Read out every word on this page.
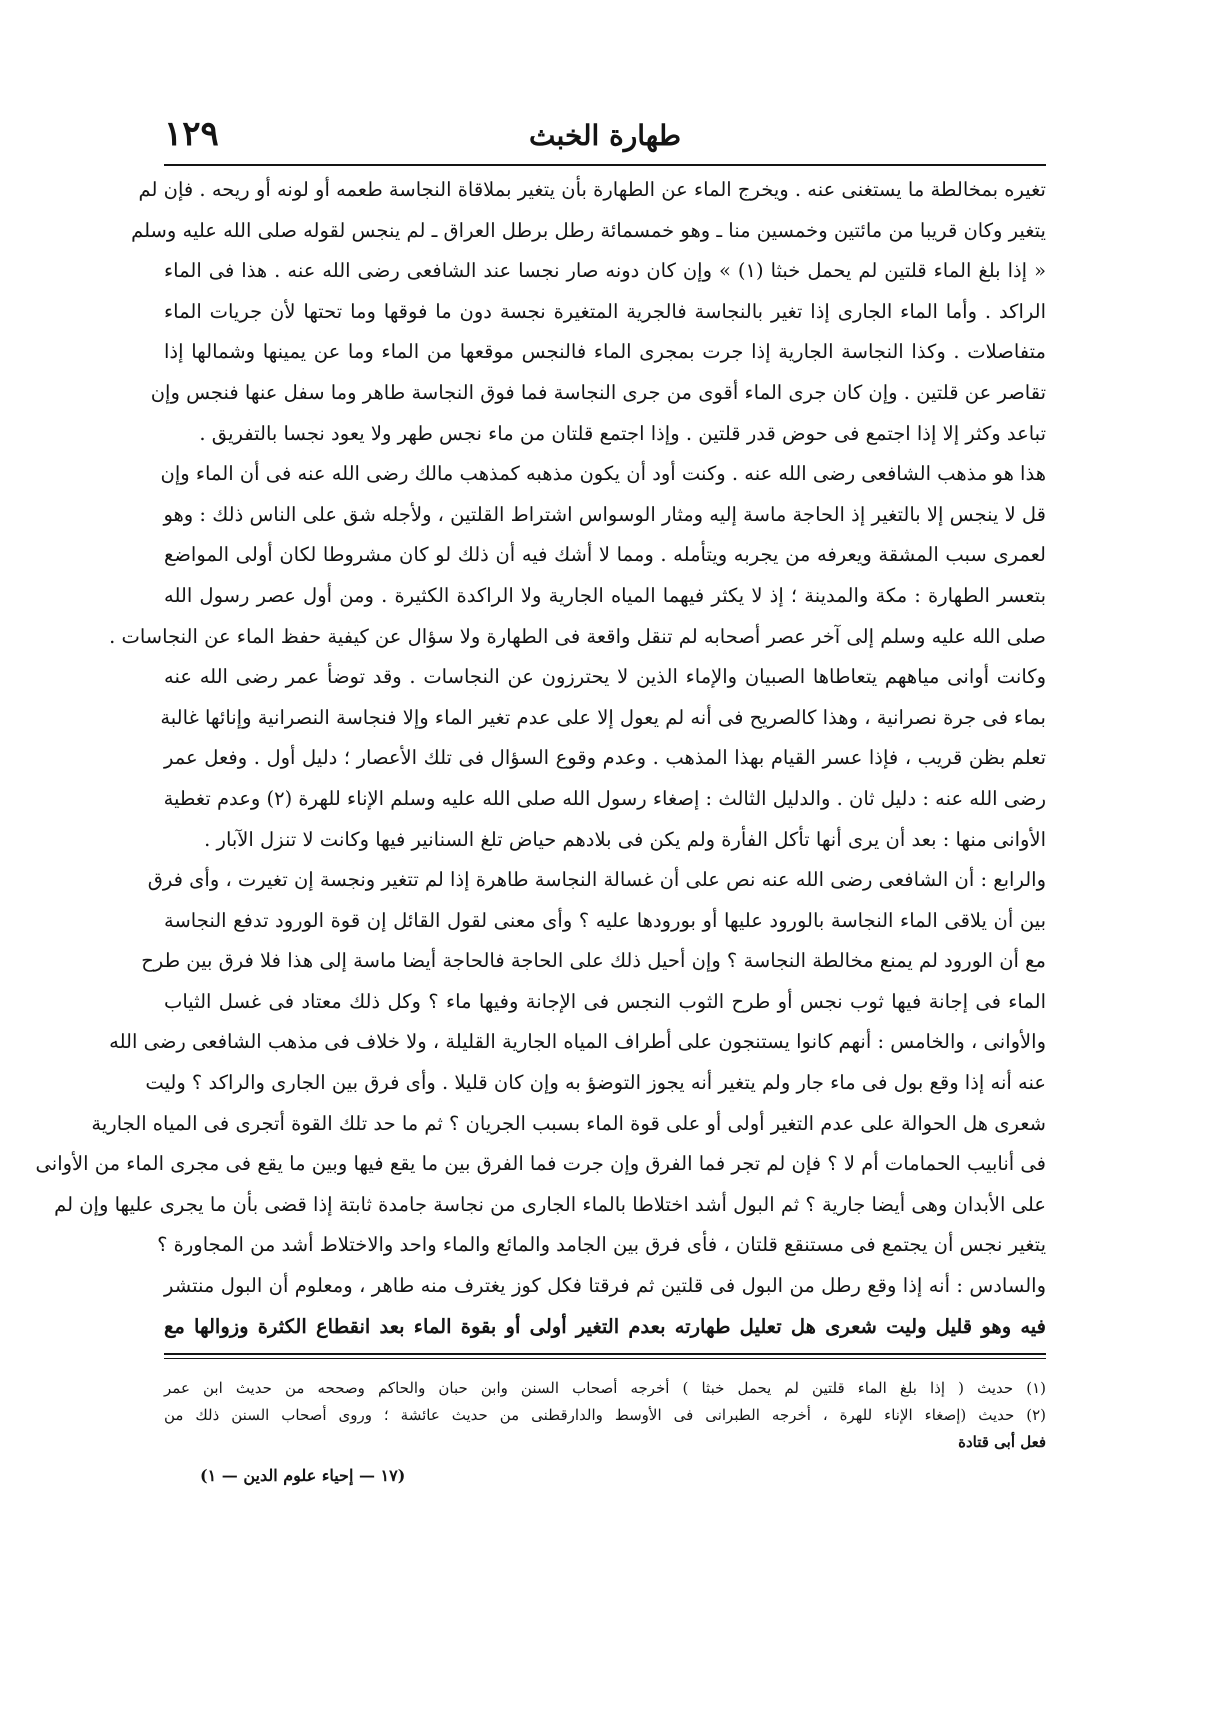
١٢٩	طهارة الخبث
تغيره بمخالطة ما يستغنى عنه . ويخرج الماء عن الطهارة بأن يتغير بملاقاة النجاسة طعمه أو لونه أو ريحه . فإن لم
يتغير وكان قريبا من مائتين وخمسين منا ـ وهو خمسمائة رطل برطل العراق ـ لم ينجس لقوله صلى الله عليه وسلم
« إذا بلغ الماء قلتين لم يحمل خبثا (١) » وإن كان دونه صار نجسا عند الشافعى رضى الله عنه . هذا فى الماء
الراكد . وأما الماء الجارى إذا تغير بالنجاسة فالجرية المتغيرة نجسة دون ما فوقها وما تحتها لأن جريات الماء
متفاصلات . وكذا النجاسة الجارية إذا جرت بمجرى الماء فالنجس موقعها من الماء وما عن يمينها وشمالها إذا
تقاصر عن قلتين . وإن كان جرى الماء أقوى من جرى النجاسة فما فوق النجاسة طاهر وما سفل عنها فنجس وإن
تباعد وكثر إلا إذا اجتمع فى حوض قدر قلتين . وإذا اجتمع قلتان من ماء نجس طهر ولا يعود نجسا بالتفريق .
هذا هو مذهب الشافعى رضى الله عنه . وكنت أود أن يكون مذهبه كمذهب مالك رضى الله عنه فى أن الماء وإن
قل لا ينجس إلا بالتغير إذ الحاجة ماسة إليه ومثار الوسواس اشتراط القلتين ، ولأجله شق على الناس ذلك : وهو
لعمرى سبب المشقة ويعرفه من يجربه ويتأمله . ومما لا أشك فيه أن ذلك لو كان مشروطا لكان أولى المواضع
بتعسر الطهارة : مكة والمدينة ؛ إذ لا يكثر فيهما المياه الجارية ولا الراكدة الكثيرة . ومن أول عصر رسول الله
صلى الله عليه وسلم إلى آخر عصر أصحابه لم تنقل واقعة فى الطهارة ولا سؤال عن كيفية حفظ الماء عن النجاسات .
وكانت أوانى مياههم يتعاطاها الصبيان والإماء الذين لا يحترزون عن النجاسات . وقد توضأ عمر رضى الله عنه
بماء فى جرة نصرانية ، وهذا كالصريح فى أنه لم يعول إلا على عدم تغير الماء وإلا فنجاسة النصرانية وإنائها غالبة
تعلم بظن قريب ، فإذا عسر القيام بهذا المذهب . وعدم وقوع السؤال فى تلك الأعصار ؛ دليل أول . وفعل عمر
رضى الله عنه : دليل ثان . والدليل الثالث : إصغاء رسول الله صلى الله عليه وسلم الإناء للهرة (٢) وعدم تغطية
الأوانى منها : بعد أن يرى أنها تأكل الفأرة ولم يكن فى بلادهم حياض تلغ السنانير فيها وكانت لا تنزل الآبار .
والرابع : أن الشافعى رضى الله عنه نص على أن غسالة النجاسة طاهرة إذا لم تتغير ونجسة إن تغيرت ، وأى فرق
بين أن يلاقى الماء النجاسة بالورود عليها أو بورودها عليه ؟ وأى معنى لقول القائل إن قوة الورود تدفع النجاسة
مع أن الورود لم يمنع مخالطة النجاسة ؟ وإن أحيل ذلك على الحاجة فالحاجة أيضا ماسة إلى هذا فلا فرق بين طرح
الماء فى إجانة فيها ثوب نجس أو طرح الثوب النجس فى الإجانة وفيها ماء ؟ وكل ذلك معتاد فى غسل الثياب
والأوانى ، والخامس : أنهم كانوا يستنجون على أطراف المياه الجارية القليلة ، ولا خلاف فى مذهب الشافعى رضى الله
عنه أنه إذا وقع بول فى ماء جار ولم يتغير أنه يجوز التوضؤ به وإن كان قليلا . وأى فرق بين الجارى والراكد ؟ وليت
شعرى هل الحوالة على عدم التغير أولى أو على قوة الماء بسبب الجريان ؟ ثم ما حد تلك القوة أتجرى فى المياه الجارية
فى أنابيب الحمامات أم لا ؟ فإن لم تجر فما الفرق وإن جرت فما الفرق بين ما يقع فيها وبين ما يقع فى مجرى الماء من الأوانى
على الأبدان وهى أيضا جارية ؟ ثم البول أشد اختلاطا بالماء الجارى من نجاسة جامدة ثابتة إذا قضى بأن ما يجرى عليها وإن لم
يتغير نجس أن يجتمع فى مستنقع قلتان ، فأى فرق بين الجامد والمائع والماء واحد والاختلاط أشد من المجاورة ؟
والسادس : أنه إذا وقع رطل من البول فى قلتين ثم فرقتا فكل كوز يغترف منه طاهر ، ومعلوم أن البول منتشر
فيه وهو قليل وليت شعرى هل تعليل طهارته بعدم التغير أولى أو بقوة الماء بعد انقطاع الكثرة وزوالها مع
(١) حديث ( إذا بلغ الماء قلتين لم يحمل خبثا ) أخرجه أصحاب السنن وابن حبان والحاكم وصححه من حديث ابن عمر
(٢) حديث (إصغاء الإناء للهرة ، أخرجه الطبرانى فى الأوسط والدارقطنى من حديث عائشة ؛ وروى أصحاب السنن ذلك من
فعل أبى قتادة
(١٧ — إحياء علوم الدين — ١)
